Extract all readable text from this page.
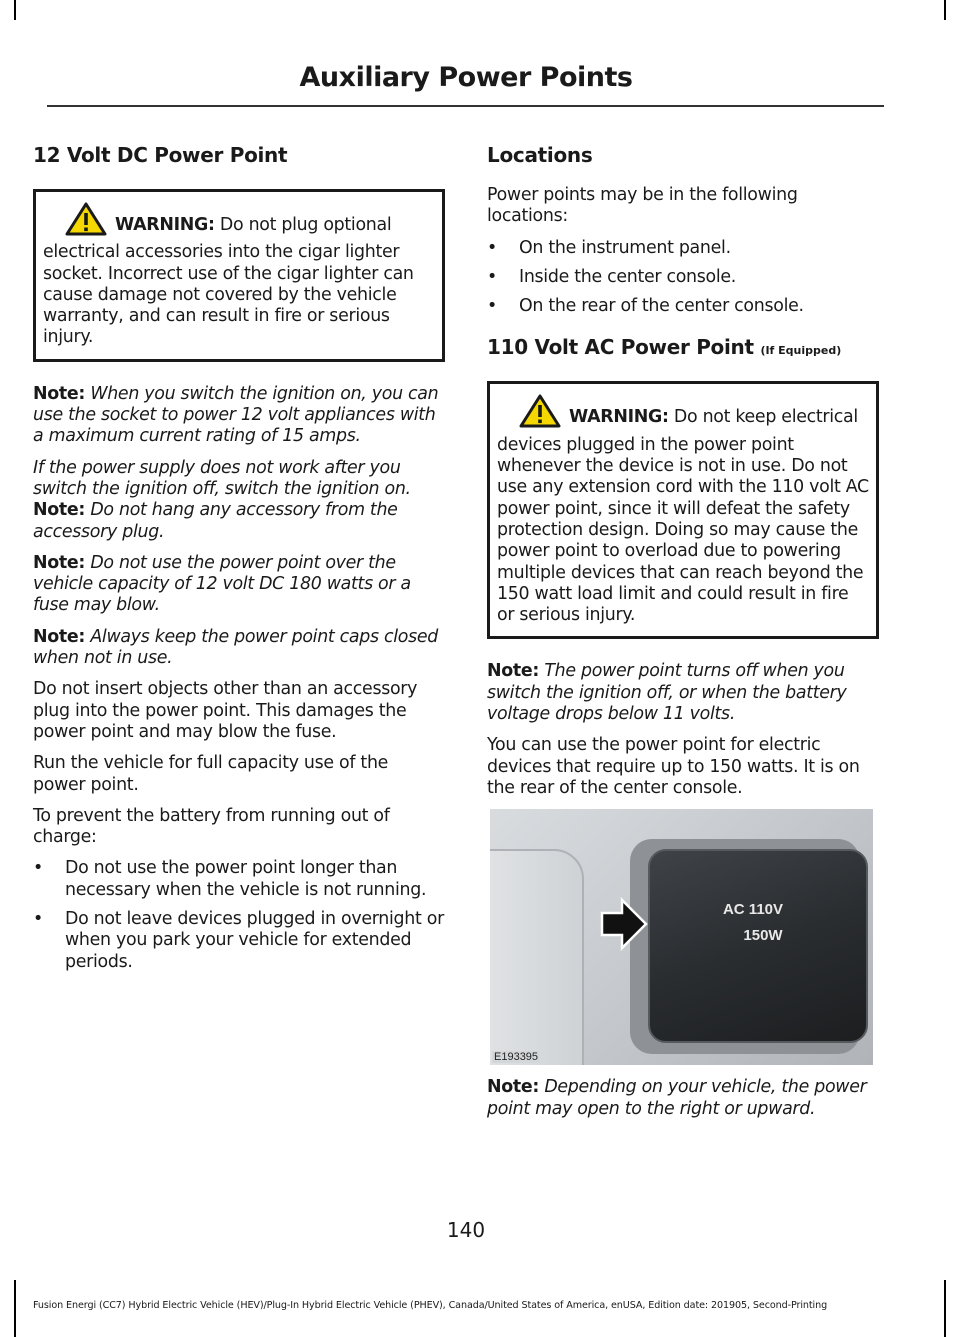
Auxiliary Power Points
12 Volt DC Power Point
WARNING: Do not plug optional electrical accessories into the cigar lighter socket. Incorrect use of the cigar lighter can cause damage not covered by the vehicle warranty, and can result in fire or serious injury.

Note: When you switch the ignition on, you can use the socket to power 12 volt appliances with a maximum current rating of 15 amps.

If the power supply does not work after you switch the ignition off, switch the ignition on.

Note: Do not hang any accessory from the accessory plug.

Note: Do not use the power point over the vehicle capacity of 12 volt DC 180 watts or a fuse may blow.

Note: Always keep the power point caps closed when not in use.

Do not insert objects other than an accessory plug into the power point. This damages the power point and may blow the fuse.

Run the vehicle for full capacity use of the power point.

To prevent the battery from running out of charge:

• Do not use the power point longer than necessary when the vehicle is not running.
• Do not leave devices plugged in overnight or when you park your vehicle for extended periods.
Locations

Power points may be in the following locations:

• On the instrument panel.
• Inside the center console.
• On the rear of the center console.
110 Volt AC Power Point (If Equipped)
WARNING: Do not keep electrical devices plugged in the power point whenever the device is not in use. Do not use any extension cord with the 110 volt AC power point, since it will defeat the safety protection design. Doing so may cause the power point to overload due to powering multiple devices that can reach beyond the 150 watt load limit and could result in fire or serious injury.

Note: The power point turns off when you switch the ignition off, or when the battery voltage drops below 11 volts.

You can use the power point for electric devices that require up to 150 watts. It is on the rear of the center console.

AC 110V
150W
E193395

Note: Depending on your vehicle, the power point may open to the right or upward.

140
Fusion Energi (CC7) Hybrid Electric Vehicle (HEV)/Plug-In Hybrid Electric Vehicle (PHEV), Canada/United States of America, enUSA, Edition date: 201905, Second-Printing
